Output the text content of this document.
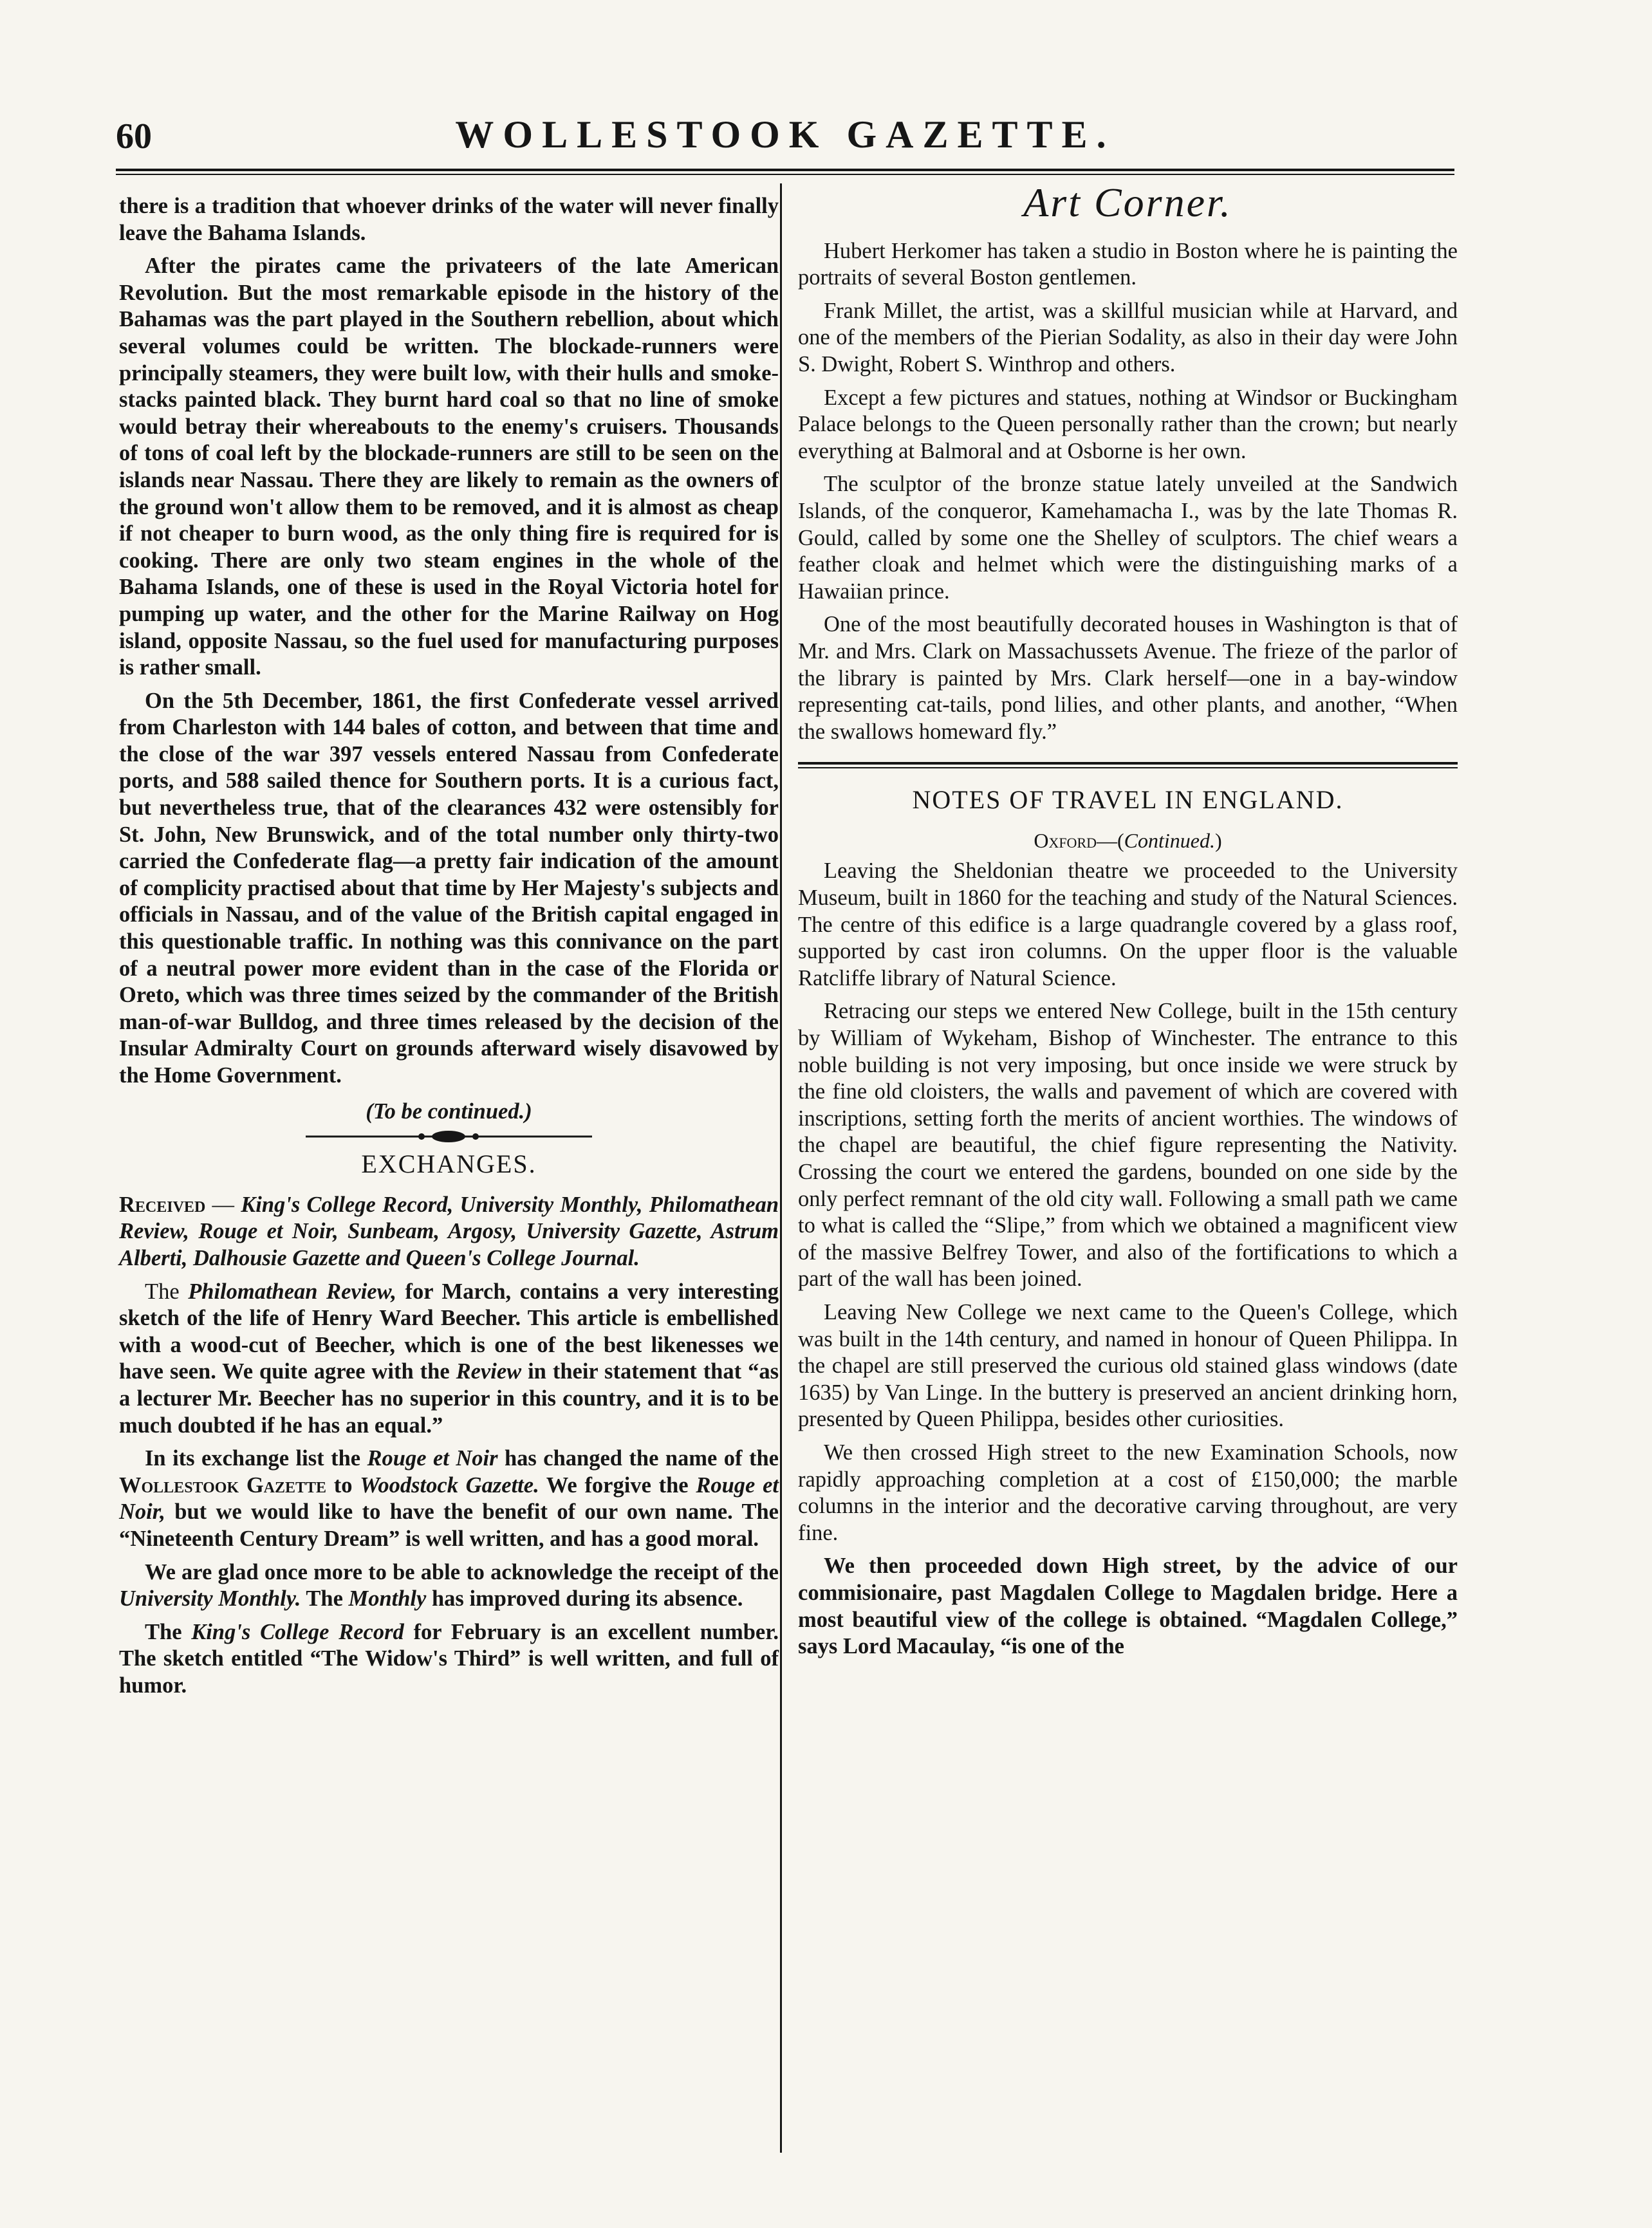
60	WOLLESTOOK GAZETTE.

there is a tradition that whoever drinks of the water will never finally leave the Bahama Islands.

After the pirates came the privateers of the late American Revolution. But the most remarkable episode in the history of the Bahamas was the part played in the Southern rebellion, about which several volumes could be written. The blockade-runners were principally steamers, they were built low, with their hulls and smoke-stacks painted black. They burnt hard coal so that no line of smoke would betray their whereabouts to the enemy's cruisers. Thousands of tons of coal left by the blockade-runners are still to be seen on the islands near Nassau. There they are likely to remain as the owners of the ground won't allow them to be removed, and it is almost as cheap if not cheaper to burn wood, as the only thing fire is required for is cooking. There are only two steam engines in the whole of the Bahama Islands, one of these is used in the Royal Victoria hotel for pumping up water, and the other for the Marine Railway on Hog island, opposite Nassau, so the fuel used for manufacturing purposes is rather small.

On the 5th December, 1861, the first Confederate vessel arrived from Charleston with 144 bales of cotton, and between that time and the close of the war 397 vessels entered Nassau from Confederate ports, and 588 sailed thence for Southern ports. It is a curious fact, but nevertheless true, that of the clearances 432 were ostensibly for St. John, New Brunswick, and of the total number only thirty-two carried the Confederate flag—a pretty fair indication of the amount of complicity practised about that time by Her Majesty's subjects and officials in Nassau, and of the value of the British capital engaged in this questionable traffic. In nothing was this connivance on the part of a neutral power more evident than in the case of the Florida or Oreto, which was three times seized by the commander of the British man-of-war Bulldog, and three times released by the decision of the Insular Admiralty Court on grounds afterward wisely disavowed by the Home Government.

(To be continued.)

EXCHANGES.

Received — King's College Record, University Monthly, Philomathean Review, Rouge et Noir, Sunbeam, Argosy, University Gazette, Astrum Alberti, Dalhousie Gazette and Queen's College Journal.

The Philomathean Review, for March, contains a very interesting sketch of the life of Henry Ward Beecher. This article is embellished with a wood-cut of Beecher, which is one of the best likenesses we have seen. We quite agree with the Review in their statement that “as a lecturer Mr. Beecher has no superior in this country, and it is to be much doubted if he has an equal.”

In its exchange list the Rouge et Noir has changed the name of the Wollestook Gazette to Woodstock Gazette. We forgive the Rouge et Noir, but we would like to have the benefit of our own name. The “Nineteenth Century Dream” is well written, and has a good moral.

We are glad once more to be able to acknowledge the receipt of the University Monthly. The Monthly has improved during its absence.

The King's College Record for February is an excellent number. The sketch entitled “The Widow's Third” is well written, and full of humor.

Art Corner.

Hubert Herkomer has taken a studio in Boston where he is painting the portraits of several Boston gentlemen.

Frank Millet, the artist, was a skillful musician while at Harvard, and one of the members of the Pierian Sodality, as also in their day were John S. Dwight, Robert S. Winthrop and others.

Except a few pictures and statues, nothing at Windsor or Buckingham Palace belongs to the Queen personally rather than the crown; but nearly everything at Balmoral and at Osborne is her own.

The sculptor of the bronze statue lately unveiled at the Sandwich Islands, of the conqueror, Kamehamacha I., was by the late Thomas R. Gould, called by some one the Shelley of sculptors. The chief wears a feather cloak and helmet which were the distinguishing marks of a Hawaiian prince.

One of the most beautifully decorated houses in Washington is that of Mr. and Mrs. Clark on Massachussets Avenue. The frieze of the parlor of the library is painted by Mrs. Clark herself—one in a bay-window representing cat-tails, pond lilies, and other plants, and another, “When the swallows homeward fly.”

NOTES OF TRAVEL IN ENGLAND.
Oxford—(Continued.)

Leaving the Sheldonian theatre we proceeded to the University Museum, built in 1860 for the teaching and study of the Natural Sciences. The centre of this edifice is a large quadrangle covered by a glass roof, supported by cast iron columns. On the upper floor is the valuable Ratcliffe library of Natural Science.

Retracing our steps we entered New College, built in the 15th century by William of Wykeham, Bishop of Winchester. The entrance to this noble building is not very imposing, but once inside we were struck by the fine old cloisters, the walls and pavement of which are covered with inscriptions, setting forth the merits of ancient worthies. The windows of the chapel are beautiful, the chief figure representing the Nativity. Crossing the court we entered the gardens, bounded on one side by the only perfect remnant of the old city wall. Following a small path we came to what is called the “Slipe,” from which we obtained a magnificent view of the massive Belfrey Tower, and also of the fortifications to which a part of the wall has been joined.

Leaving New College we next came to the Queen's College, which was built in the 14th century, and named in honour of Queen Philippa. In the chapel are still preserved the curious old stained glass windows (date 1635) by Van Linge. In the buttery is preserved an ancient drinking horn, presented by Queen Philippa, besides other curiosities.

We then crossed High street to the new Examination Schools, now rapidly approaching completion at a cost of £150,000; the marble columns in the interior and the decorative carving throughout, are very fine.

We then proceeded down High street, by the advice of our commisionaire, past Magdalen College to Magdalen bridge. Here a most beautiful view of the college is obtained. “Magdalen College,” says Lord Macaulay, “is one of the
